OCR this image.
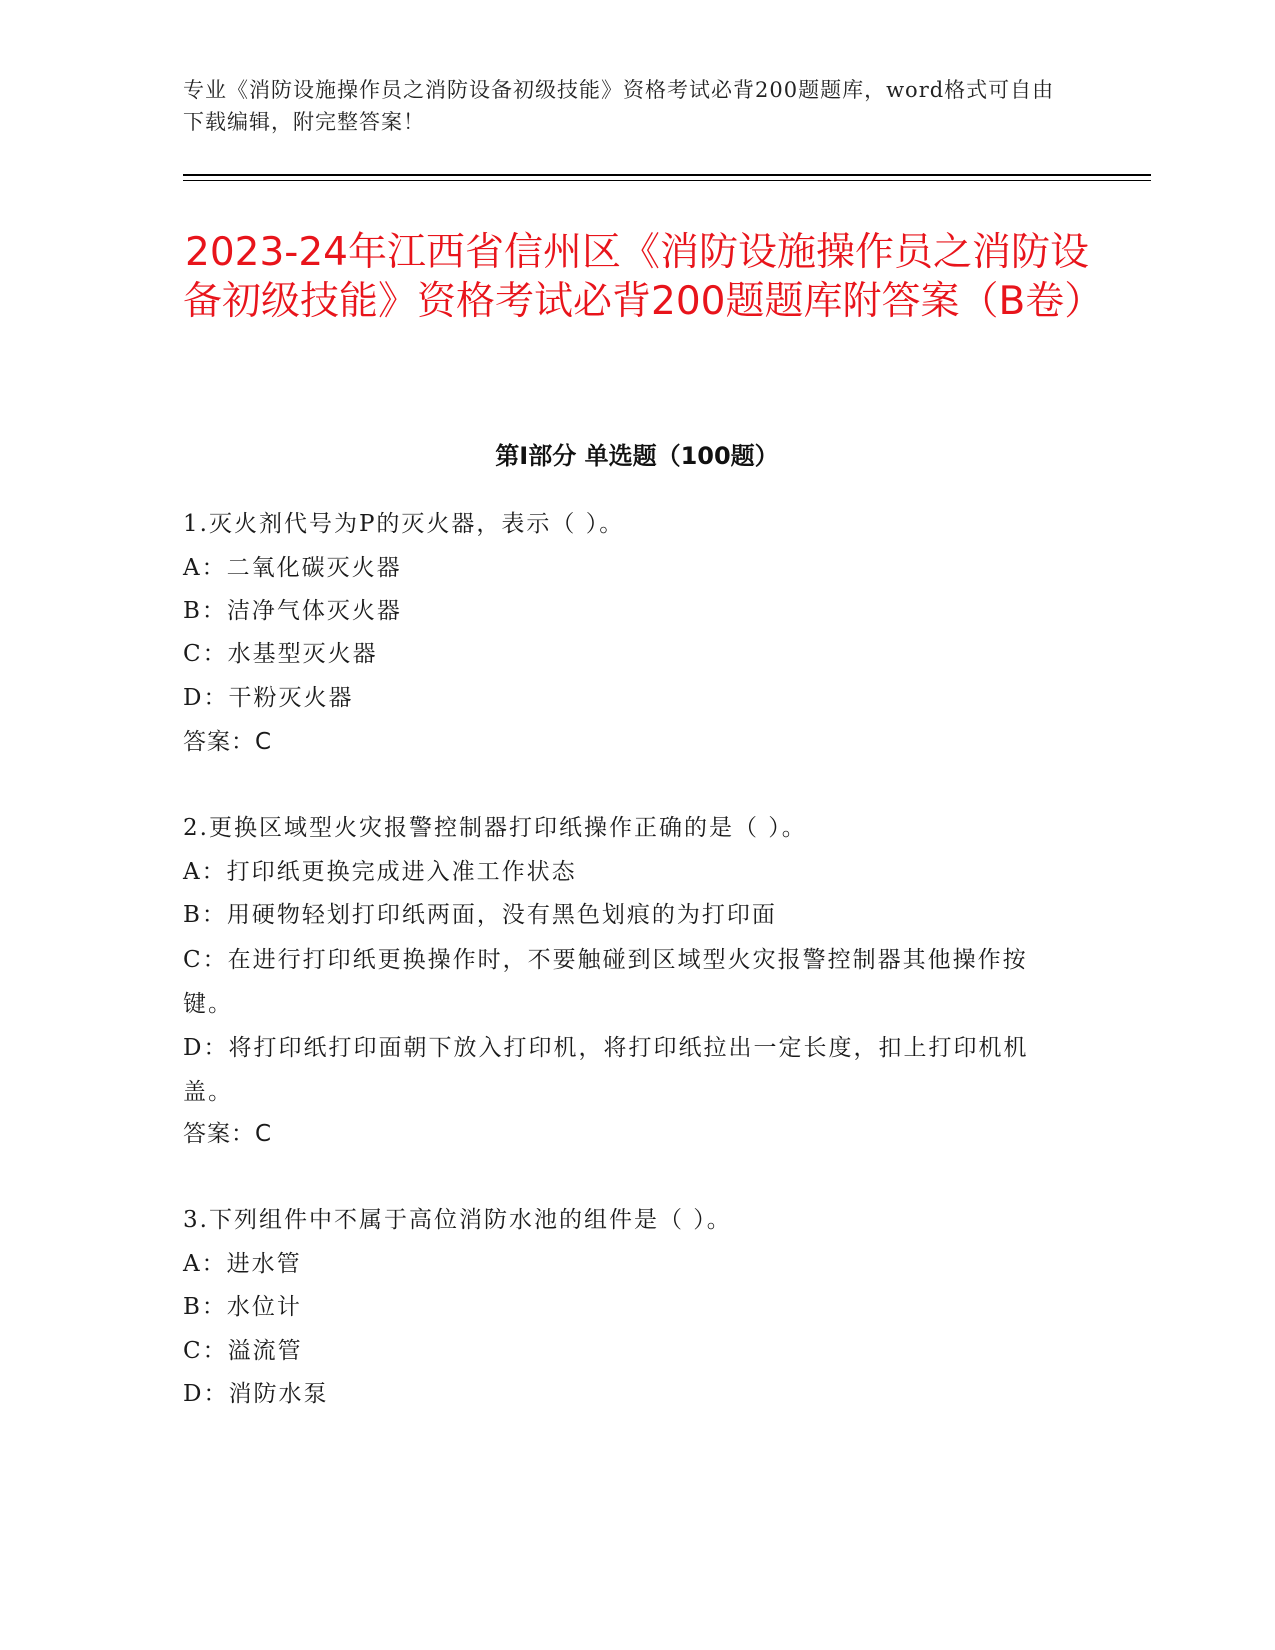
专业《消防设施操作员之消防设备初级技能》资格考试必背200题题库，word格式可自由下载编辑，附完整答案！
2023-24年江西省信州区《消防设施操作员之消防设备初级技能》资格考试必背200题题库附答案（B卷）
第Ⅰ部分 单选题（100题）
1.灭火剂代号为P的灭火器，表示（ ）。
A：二氧化碳灭火器
B：洁净气体灭火器
C：水基型灭火器
D：干粉灭火器
答案：C
2.更换区域型火灾报警控制器打印纸操作正确的是（ ）。
A：打印纸更换完成进入准工作状态
B：用硬物轻划打印纸两面，没有黑色划痕的为打印面
C：在进行打印纸更换操作时，不要触碰到区域型火灾报警控制器其他操作按键。
D：将打印纸打印面朝下放入打印机，将打印纸拉出一定长度，扣上打印机机盖。
答案：C
3.下列组件中不属于高位消防水池的组件是（ ）。
A：进水管
B：水位计
C：溢流管
D：消防水泵
